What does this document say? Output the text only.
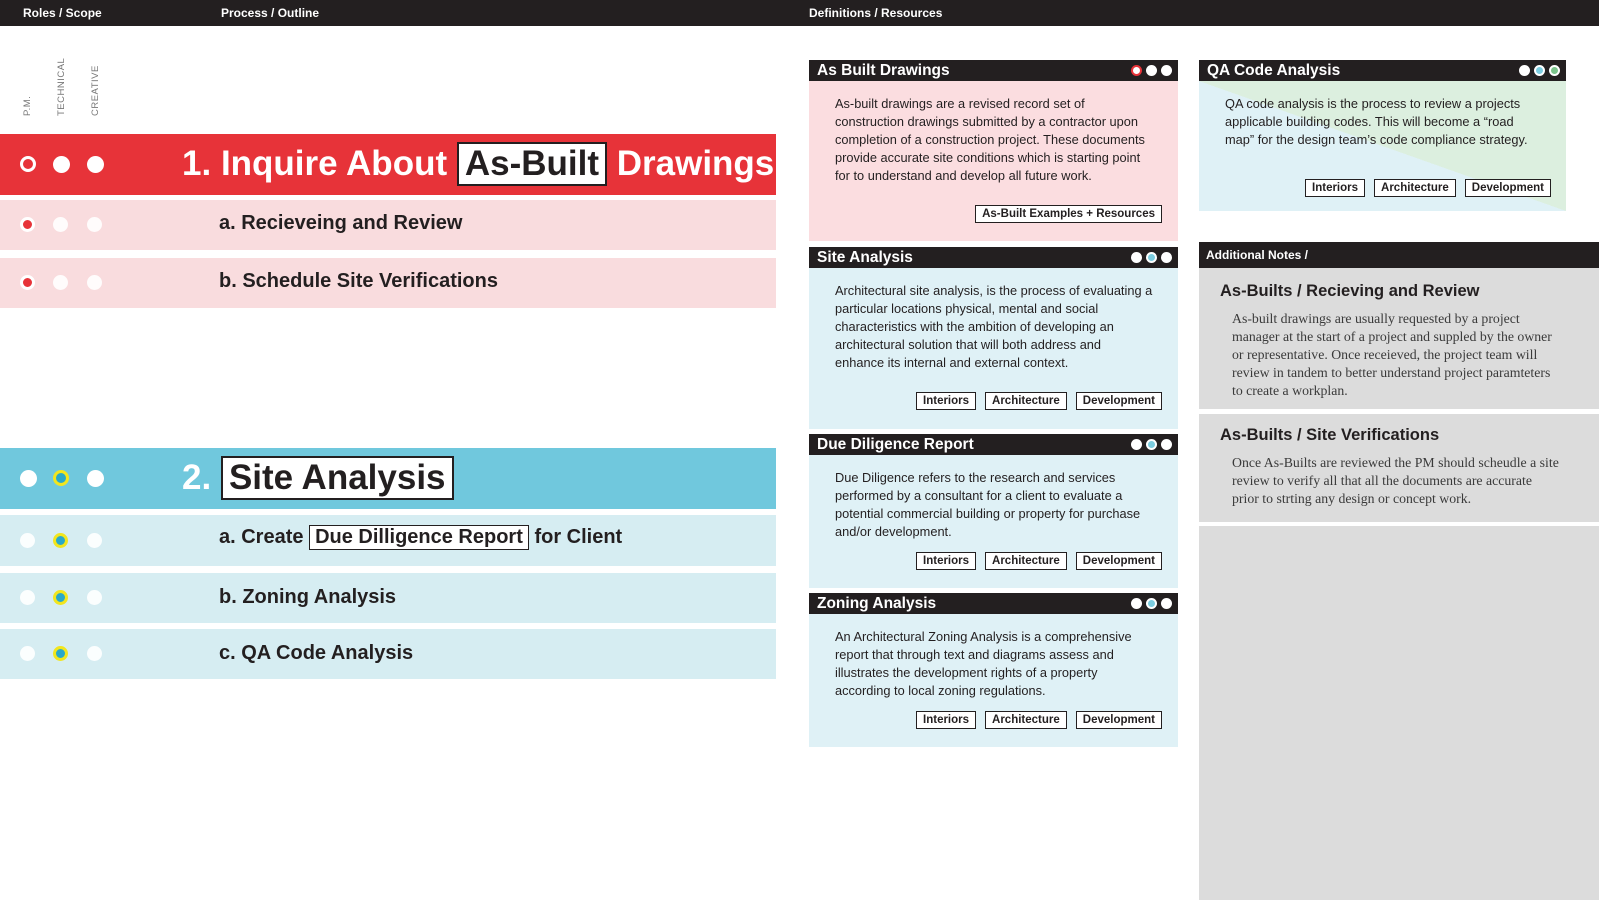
Roles / Scope	Process / Outline	Definitions / Resources
P.M. TECHNICAL CREATIVE
1. Inquire About As-Built Drawings
a. Recieveing and Review
b. Schedule Site Verifications
2. Site Analysis
a. Create Due Dilligence Report for Client
b. Zoning Analysis
c. QA Code Analysis
As Built Drawings
As-built drawings are a revised record set of construction drawings submitted by a contractor upon completion of a construction project. These documents provide accurate site conditions which is starting point for to understand and develop all future work.
As-Built Examples + Resources
Site Analysis
Architectural site analysis, is the process of evaluating a particular locations physical, mental and social characteristics with the ambition of developing an architectural solution that will both address and enhance its internal and external context.
Interiors	Architecture	Development
Due Diligence Report
Due Diligence refers to the research and services performed by a consultant for a client to evaluate a potential commercial building or property for purchase and/or development.
Interiors	Architecture	Development
Zoning Analysis
An Architectural Zoning Analysis is a comprehensive report that through text and diagrams assess and illustrates the development rights of a property according to local zoning regulations.
Interiors	Architecture	Development
QA Code Analysis
QA code analysis is the process to review a projects applicable building codes. This will become a “road map” for the design team’s code compliance strategy.
Interiors	Architecture	Development
Additional Notes /
As-Builts / Recieving and Review

As-built drawings are usually requested by a project manager at the start of a project and suppled by the owner or representative. Once receieved, the project team will review in tandem to better understand project paramteters to create a workplan.

As-Builts / Site Verifications

Once As-Builts are reviewed the PM should scheudle a site review to verify all that all the documents are accurate prior to strting any design or concept work.
